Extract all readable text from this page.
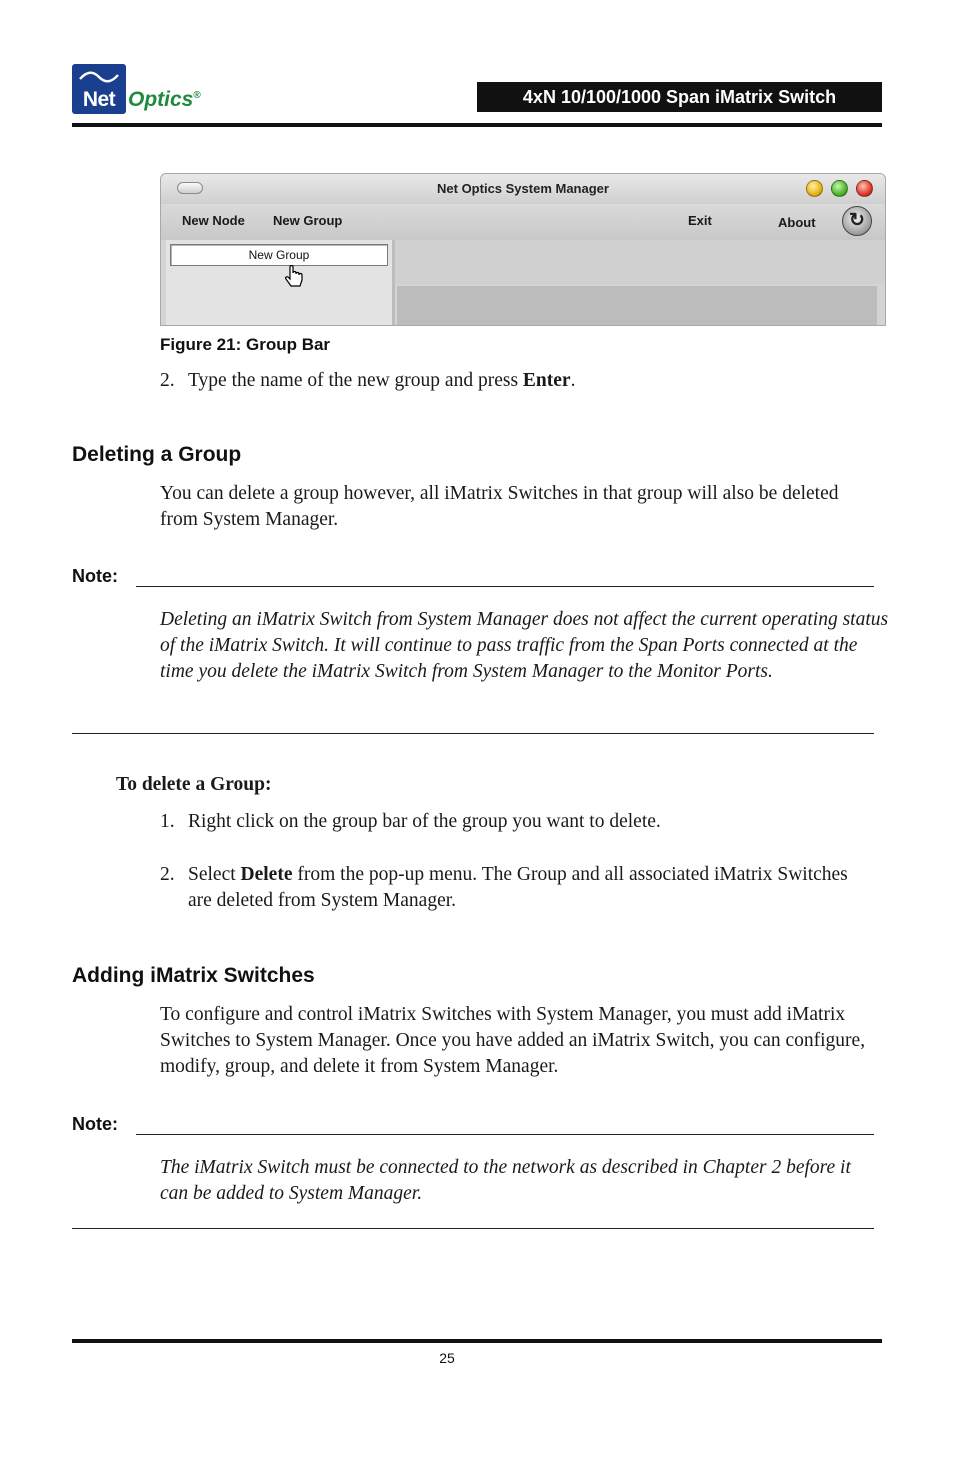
Net Optics®	4xN 10/100/1000 Span iMatrix Switch
Net Optics System Manager
New Node New Group	Exit	About	↻
New Group
Figure 21: Group Bar
2. Type the name of the new group and press Enter.
Deleting a Group
You can delete a group however, all iMatrix Switches in that group will also be deleted from System Manager.
Note:
Deleting an iMatrix Switch from System Manager does not affect the current operating status of the iMatrix Switch. It will continue to pass traffic from the Span Ports connected at the time you delete the iMatrix Switch from System Manager to the Monitor Ports.
To delete a Group:
1. Right click on the group bar of the group you want to delete.
2. Select Delete from the pop-up menu. The Group and all associated iMatrix Switches are deleted from System Manager.
Adding iMatrix Switches
To configure and control iMatrix Switches with System Manager, you must add iMatrix Switches to System Manager. Once you have added an iMatrix Switch, you can configure, modify, group, and delete it from System Manager.
Note:
The iMatrix Switch must be connected to the network as described in Chapter 2 before it can be added to System Manager.
25
